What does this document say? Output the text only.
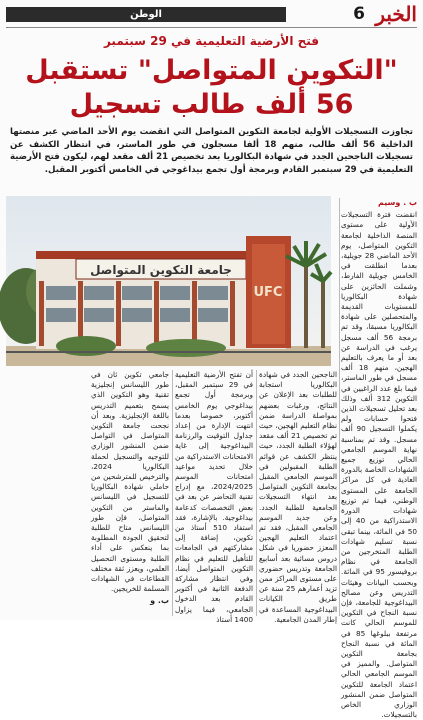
الخبر
6
الوطن
فتح الأرضية التعليمية في 29 سبتمبر
"التكوين المتواصل" تستقبل
56 ألف طالب تسجيل
تجاوزت التسجيلات الأولية لجامعة التكوين المتواصل التي انقضت يوم الأحد الماضي عبر منصتها الداخلية 56 ألف طالب، منهم 18 ألفا مسجلون في طور الماستر، في انتظار الكشف عن تسجيلات الناجحين الجدد في شهادة البكالوريا بعد تخصيص 21 ألف مقعد لهم، ليكون فتح الأرضية التعليمية في 29 سبتمبر القادم وبرمجة أول تجمع بيداغوجي في الخامس أكتوبر المقبل.

ب . وسيم

انقضت فترة التسجيلات الأولية على مستوى المنصة الداخلية لجامعة التكوين المتواصل، يوم الأحد الماضي 28 جويلية، بعدما انطلقت في الخامس جويلية الفارط، وشملت الحائزين على شهادة البكالوريا للمستويات القديمة والمتحصلين على شهادة البكالوريا مسبقا، وقد تم برمجة 56 ألف مسجل يرغب في الدراسة عن بعد أو ما يعرف بالتعليم الهجين، منهم 18 ألف مسجل في طور الماستر، فيما بلغ عدد الراغبين في التكوين 312 ألف وذلك بعد تحليل تسجيلات الذين فتحوا حسابات ولم يكملوا التسجيل 90 ألف مسجل. وقد تم بمناسبة نهاية الموسم الجامعي الحالي توزيع جميع الشهادات الخاصة بالدورة العادية في كل مراكز الجامعة على المستوى الوطني، فيما تم توزيع شهادات الدورة الاستدراكية من 40 إلى 50 في المائة، بينما تبقى نسبة تسليم شهادات الطلبة المتخرجين من الجامعة في نظام بروفيسور 95 في المائة. وبحسب البيانات وهيئات التدريس وعن مصالح البيداغوجية للجامعة، فإن نسبة النجاح في التكوين للموسم الحالي كانت مرتفعة ببلوغها 85 في المائة في نسبة النجاح بجامعة التكوين المتواصل. والمميز في الموسم الجامعي الحالي اعتماد الجامعة للتكوين المتواصل ضمن المنشور الوزاري الخاص بالتسجيلات.

جامعة التكوين المتواصل
UFC

الناجحين الجدد في شهادة البكالوريا استجابة للطلبات بعد الإعلان عن النتائج، ورغبات بعضهم بمواصلة الدراسة ضمن نظام التعليم الهجين، حيث تم تخصيص 21 ألف مقعد لهؤلاء الطلبة الجدد، حيث ينتظر الكشف عن قوائم الطلبة المقبولين في الموسم الجامعي المقبل بجامعة التكوين المتواصل بعد انتهاء التسجيلات الجامعية للطلبة الجدد. وعن جديد الموسم الجامعي المقبل، فقد تم اعتماد التعليم الهجين المعزز حضوريا في شكل دروس مسائية بعد أسابيع الجامعة وتدريس حضوري على مستوى المراكز ممن تزيد أعمارهم 25 سنة عن طريق الكيانات البيداغوجية المساعدة في إطار المدن الجامعية.

أن تفتح الأرضية التعليمية في 29 سبتمبر المقبل، وبرمجة أول تجمع بيداغوجي يوم الخامس أكتوبر، خصوصا بعدما انتهت الإدارة من إعداد جداول التوقيت والرزنامة البيداغوجية إلى غاية الامتحانات الاستدراكية من خلال تحديد مواعيد امتحانات الموسم 2024/2025، مع إدراج تقنية التحاضر عن بعد في بعض التخصصات كدعامة بيداغوجية. بالإشارة، فقد استفاد 510 أستاذ من تكوين، إضافة إلى مشاركتهم في الجامعات للتأهيل للتعليم في نظام التكوين المتواصل أيضا، وفي انتظار مشاركة الدفعة الثانية في أكتوبر القادم بعد الدخول الجامعي، فيما يزاول 1400 أستاذ

جامعي تكوين ثان في طور الليسانس إنجليزية تقنية وهو التكوين الذي يسمح بتعميم التدريس باللغة الإنجليزية. وبعد أن نجحت جامعة التكوين المتواصل في التواصل ضمن المنشور الوزاري للتوجيه والتسجيل لحملة البكالوريا 2024، والترخيص للمترشحين من حاملي شهادة البكالوريا للتسجيل في الليسانس والماستر من التكوين المتواصل، فإن طور الليسانس متاح للطلبة لتحقيق الجودة المطلوبة بما ينعكس على أداء الطلبة ومستوى التحصيل العلمي، ويعزز ثقة مختلف القطاعات في الشهادات المسلمة للخريجين.

ب. و
